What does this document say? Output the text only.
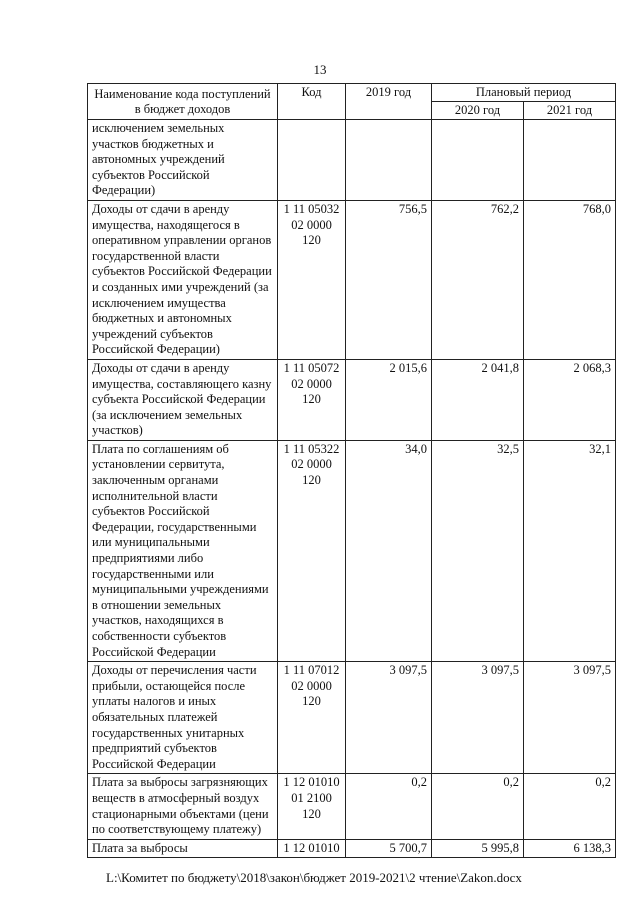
13
Наименование кода поступлений в бюджет доходов	Код	2019 год	Плановый период	
			2020 год	2021 год
исключением земельных участков бюджетных и автономных учреждений субъектов Российской Федерации)				
Доходы от сдачи в аренду имущества, находящегося в оперативном управлении органов государственной власти субъектов Российской Федерации и созданных ими учреждений (за исключением имущества бюджетных и автономных учреждений субъектов Российской Федерации)	1 11 05032 02 0000 120	756,5	762,2	768,0
Доходы от сдачи в аренду имущества, составляющего казну субъекта Российской Федерации (за исключением земельных участков)	1 11 05072 02 0000 120	2 015,6	2 041,8	2 068,3
Плата по соглашениям об установлении сервитута, заключенным органами исполнительной власти субъектов Российской Федерации, государственными или муниципальными предприятиями либо государственными или муниципальными учреждениями в отношении земельных участков, находящихся в собственности субъектов Российской Федерации	1 11 05322 02 0000 120	34,0	32,5	32,1
Доходы от перечисления части прибыли, остающейся после уплаты налогов и иных обязательных платежей государственных унитарных предприятий субъектов Российской Федерации	1 11 07012 02 0000 120	3 097,5	3 097,5	3 097,5
Плата за выбросы загрязняющих веществ в атмосферный воздух стационарными объектами (цени по соответствующему платежу)	1 12 01010 01 2100 120	0,2	0,2	0,2
Плата за выбросы	1 12 01010	5 700,7	5 995,8	6 138,3
L:\Комитет по бюджету\2018\закон\бюджет 2019-2021\2 чтение\Zakon.docx
